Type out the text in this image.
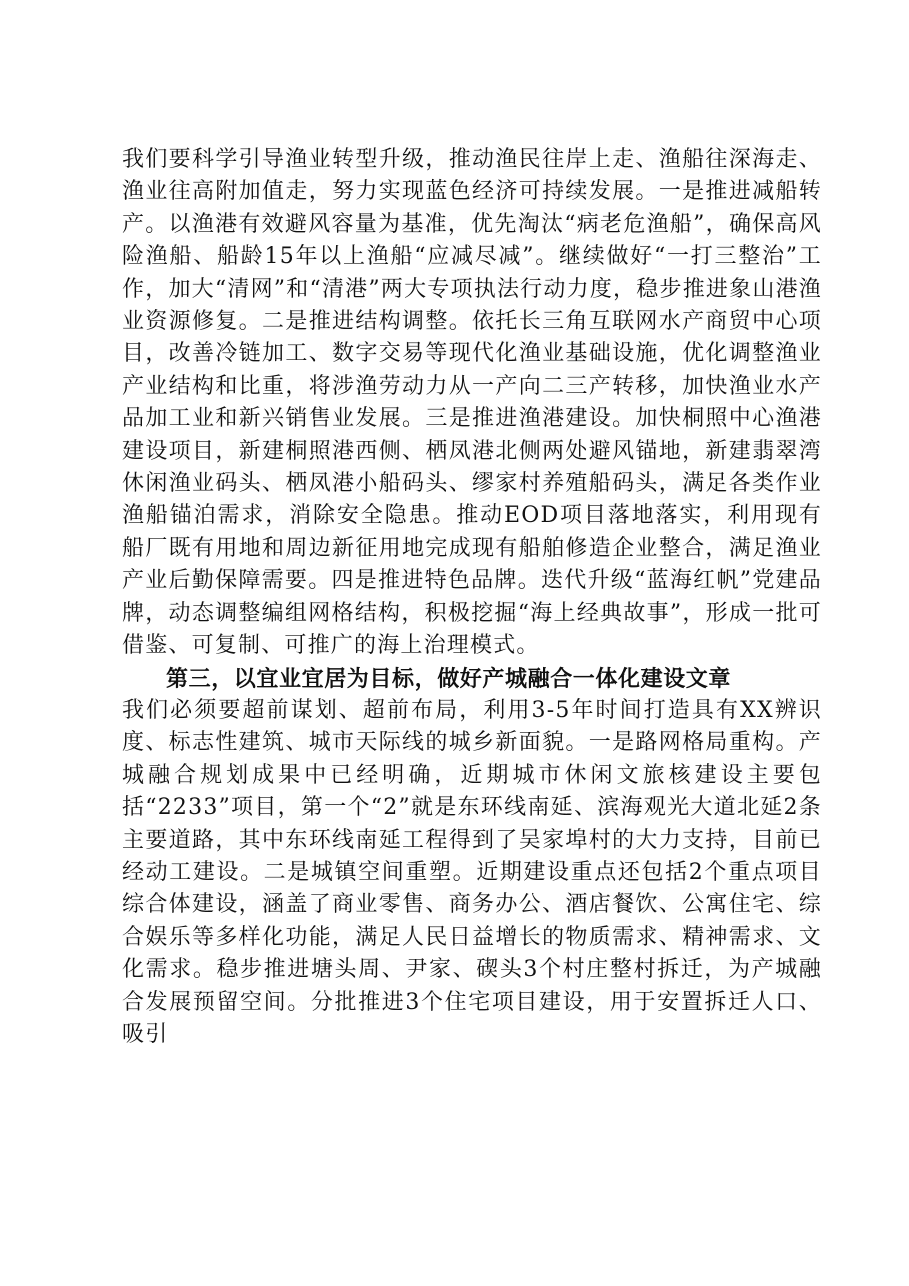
我们要科学引导渔业转型升级，推动渔民往岸上走、渔船往深海走、渔业往高附加值走，努力实现蓝色经济可持续发展。一是推进减船转产。以渔港有效避风容量为基准，优先淘汰“病老危渔船”，确保高风险渔船、船龄15年以上渔船“应减尽减”。继续做好“一打三整治”工作，加大“清网”和“清港”两大专项执法行动力度，稳步推进象山港渔业资源修复。二是推进结构调整。依托长三角互联网水产商贸中心项目，改善冷链加工、数字交易等现代化渔业基础设施，优化调整渔业产业结构和比重，将涉渔劳动力从一产向二三产转移，加快渔业水产品加工业和新兴销售业发展。三是推进渔港建设。加快桐照中心渔港建设项目，新建桐照港西侧、栖凤港北侧两处避风锚地，新建翡翠湾休闲渔业码头、栖凤港小船码头、缪家村养殖船码头，满足各类作业渔船锚泊需求，消除安全隐患。推动EOD项目落地落实，利用现有船厂既有用地和周边新征用地完成现有船舶修造企业整合，满足渔业产业后勤保障需要。四是推进特色品牌。迭代升级“蓝海红帆”党建品牌，动态调整编组网格结构，积极挖掘“海上经典故事”，形成一批可借鉴、可复制、可推广的海上治理模式。

第三，以宜业宜居为目标，做好产城融合一体化建设文章

我们必须要超前谋划、超前布局，利用3-5年时间打造具有XX辨识度、标志性建筑、城市天际线的城乡新面貌。一是路网格局重构。产城融合规划成果中已经明确，近期城市休闲文旅核建设主要包括“2233”项目，第一个“2”就是东环线南延、滨海观光大道北延2条主要道路，其中东环线南延工程得到了吴家埠村的大力支持，目前已经动工建设。二是城镇空间重塑。近期建设重点还包括2个重点项目综合体建设，涵盖了商业零售、商务办公、酒店餐饮、公寓住宅、综合娱乐等多样化功能，满足人民日益增长的物质需求、精神需求、文化需求。稳步推进塘头周、尹家、碶头3个村庄整村拆迁，为产城融合发展预留空间。分批推进3个住宅项目建设，用于安置拆迁人口、吸引
